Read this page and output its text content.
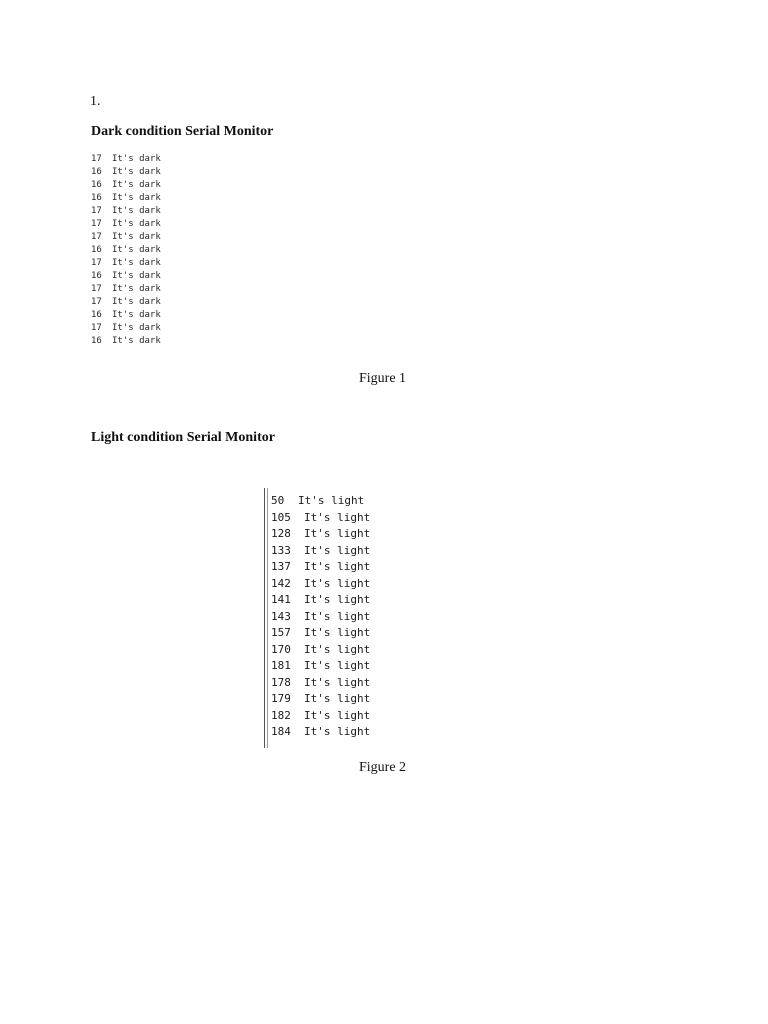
1.
Dark condition Serial Monitor
17 It's dark
16 It's dark
16 It's dark
16 It's dark
17 It's dark
17 It's dark
17 It's dark
16 It's dark
17 It's dark
16 It's dark
17 It's dark
17 It's dark
16 It's dark
17 It's dark
16 It's dark
Figure 1
Light condition Serial Monitor
50 It's light
105 It's light
128 It's light
133 It's light
137 It's light
142 It's light
141 It's light
143 It's light
157 It's light
170 It's light
181 It's light
178 It's light
179 It's light
182 It's light
184 It's light
Figure 2
